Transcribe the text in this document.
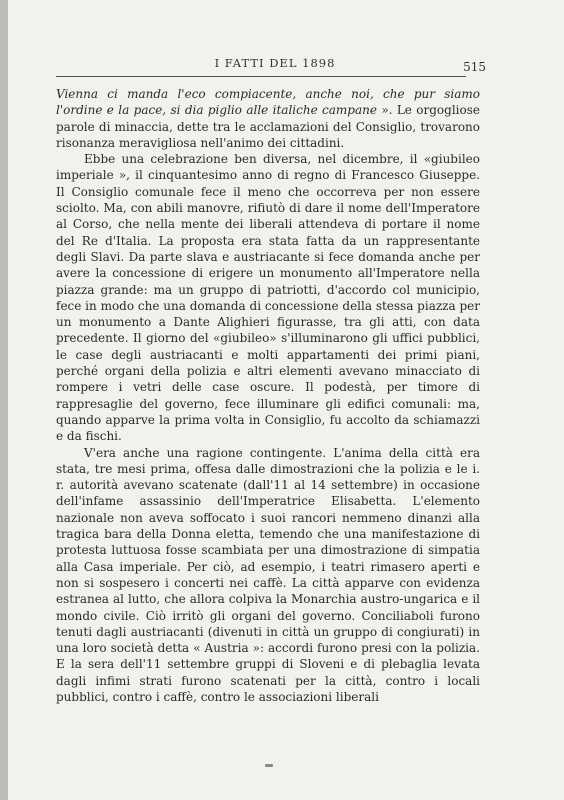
I FATTI DEL 1898	515

Vienna ci manda l'eco compiacente, anche noi, che pur siamo l'ordine e la pace, si dia piglio alle italiche campane ». Le orgogliose parole di minaccia, dette tra le acclamazioni del Consiglio, trovarono risonanza meravigliosa nell'animo dei cittadini.

Ebbe una celebrazione ben diversa, nel dicembre, il «giubileo imperiale », il cinquantesimo anno di regno di Francesco Giuseppe. Il Consiglio comunale fece il meno che occorreva per non essere sciolto. Ma, con abili manovre, rifiutò di dare il nome dell'Imperatore al Corso, che nella mente dei liberali attendeva di portare il nome del Re d'Italia. La proposta era stata fatta da un rappresentante degli Slavi. Da parte slava e austriacante si fece domanda anche per avere la concessione di erigere un monumento all'Imperatore nella piazza grande: ma un gruppo di patriotti, d'accordo col municipio, fece in modo che una domanda di concessione della stessa piazza per un monumento a Dante Alighieri figurasse, tra gli atti, con data precedente. Il giorno del «giubileo» s'illuminarono gli uffici pubblici, le case degli austriacanti e molti appartamenti dei primi piani, perché organi della polizia e altri elementi avevano minacciato di rompere i vetri delle case oscure. Il podestà, per timore di rappresaglie del governo, fece illuminare gli edifici comunali: ma, quando apparve la prima volta in Consiglio, fu accolto da schiamazzi e da fischi.

V'era anche una ragione contingente. L'anima della città era stata, tre mesi prima, offesa dalle dimostrazioni che la polizia e le i. r. autorità avevano scatenate (dall'11 al 14 settembre) in occasione dell'infame assassinio dell'Imperatrice Elisabetta. L'elemento nazionale non aveva soffocato i suoi rancori nemmeno dinanzi alla tragica bara della Donna eletta, temendo che una manifestazione di protesta luttuosa fosse scambiata per una dimostrazione di simpatia alla Casa imperiale. Per ciò, ad esempio, i teatri rimasero aperti e non si sospesero i concerti nei caffè. La città apparve con evidenza estranea al lutto, che allora colpiva la Monarchia austro-ungarica e il mondo civile. Ciò irritò gli organi del governo. Conciliaboli furono tenuti dagli austriacanti (divenuti in città un gruppo di congiurati) in una loro società detta « Austria »: accordi furono presi con la polizia. E la sera dell'11 settembre gruppi di Sloveni e di plebaglia levata dagli infimi strati furono scatenati per la città, contro i locali pubblici, contro i caffè, contro le associazioni liberali
